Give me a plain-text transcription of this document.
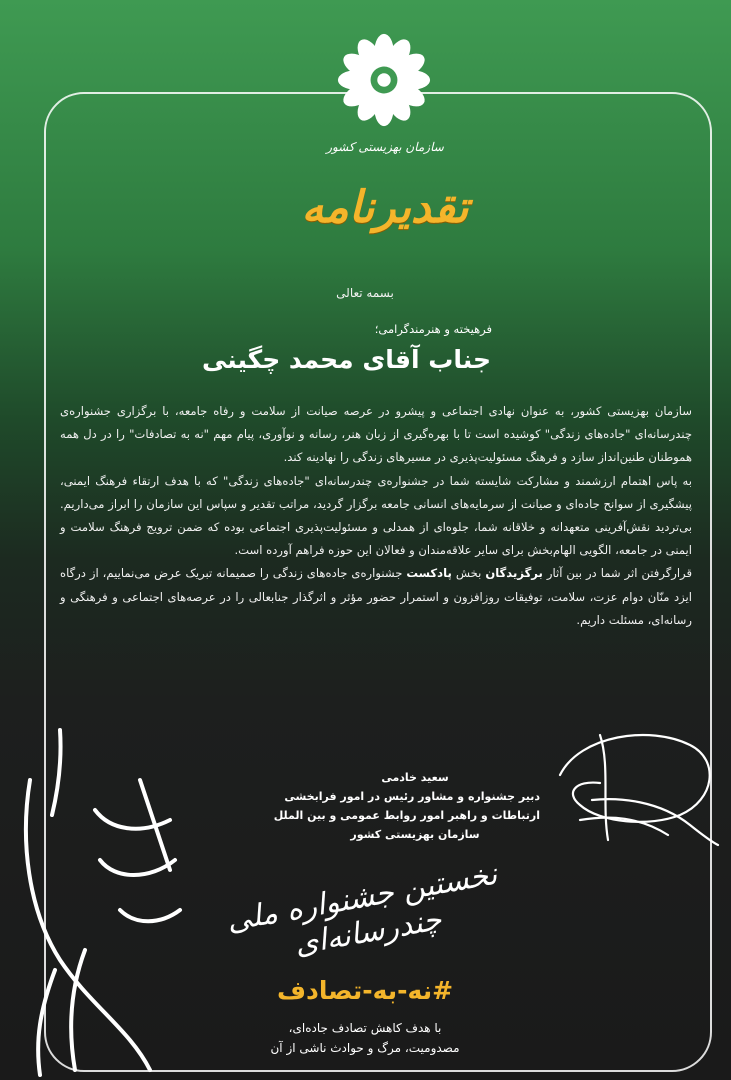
سازمان بهزیستی کشور
تقدیرنامه
بسمه تعالی
فرهیخته و هنرمندگرامی؛
جناب آقای محمد چگینی

سازمان بهزیستی کشور، به عنوان نهادی اجتماعی و پیشرو در عرصه صیانت از سلامت و رفاه جامعه، با برگزاری جشنواره‌ی چندرسانه‌ای "جاده‌های زندگی" کوشیده است تا با بهره‌گیری از زبان هنر، رسانه و نوآوری، پیام مهم "نه به تصادفات" را در دل همه هموطنان طنین‌انداز سازد و فرهنگ مسئولیت‌پذیری در مسیرهای زندگی را نهادینه کند.

به پاس اهتمام ارزشمند و مشارکت شایسته شما در جشنواره‌ی چندرسانه‌ای "جاده‌های زندگی" که با هدف ارتقاء فرهنگ ایمنی، پیشگیری از سوانح جاده‌ای و صیانت از سرمایه‌های انسانی جامعه برگزار گردید، مراتب تقدیر و سپاس این سازمان را ابراز می‌داریم. بی‌تردید نقش‌آفرینی متعهدانه و خلاقانه شما، جلوه‌ای از همدلی و مسئولیت‌پذیری اجتماعی بوده که ضمن ترویج فرهنگ سلامت و ایمنی در جامعه، الگویی الهام‌بخش برای سایر علاقه‌مندان و فعالان این حوزه فراهم آورده است.

قرارگرفتن اثر شما در بین آثار برگزیدگان بخش پادکست جشنواره‌ی جاده‌های زندگی را صمیمانه تبریک عرض می‌نماییم، از درگاه ایزد منّان دوام عزت، سلامت، توفیقات روزافزون و استمرار حضور مؤثر و اثرگذار جنابعالی را در عرصه‌های اجتماعی و فرهنگی و رسانه‌ای، مسئلت داریم.

سعید خادمی
دبیر جشنواره و مشاور رئیس در امور فرابخشی
ارتباطات و راهبر امور روابط عمومی و بین الملل
سازمان بهزیستی کشور
نخستین جشنواره ملی چندرسانه‌ای
#نه-به-تصادف
با هدف کاهش تصادف جاده‌ای،
مصدومیت، مرگ و حوادث ناشی از آن
